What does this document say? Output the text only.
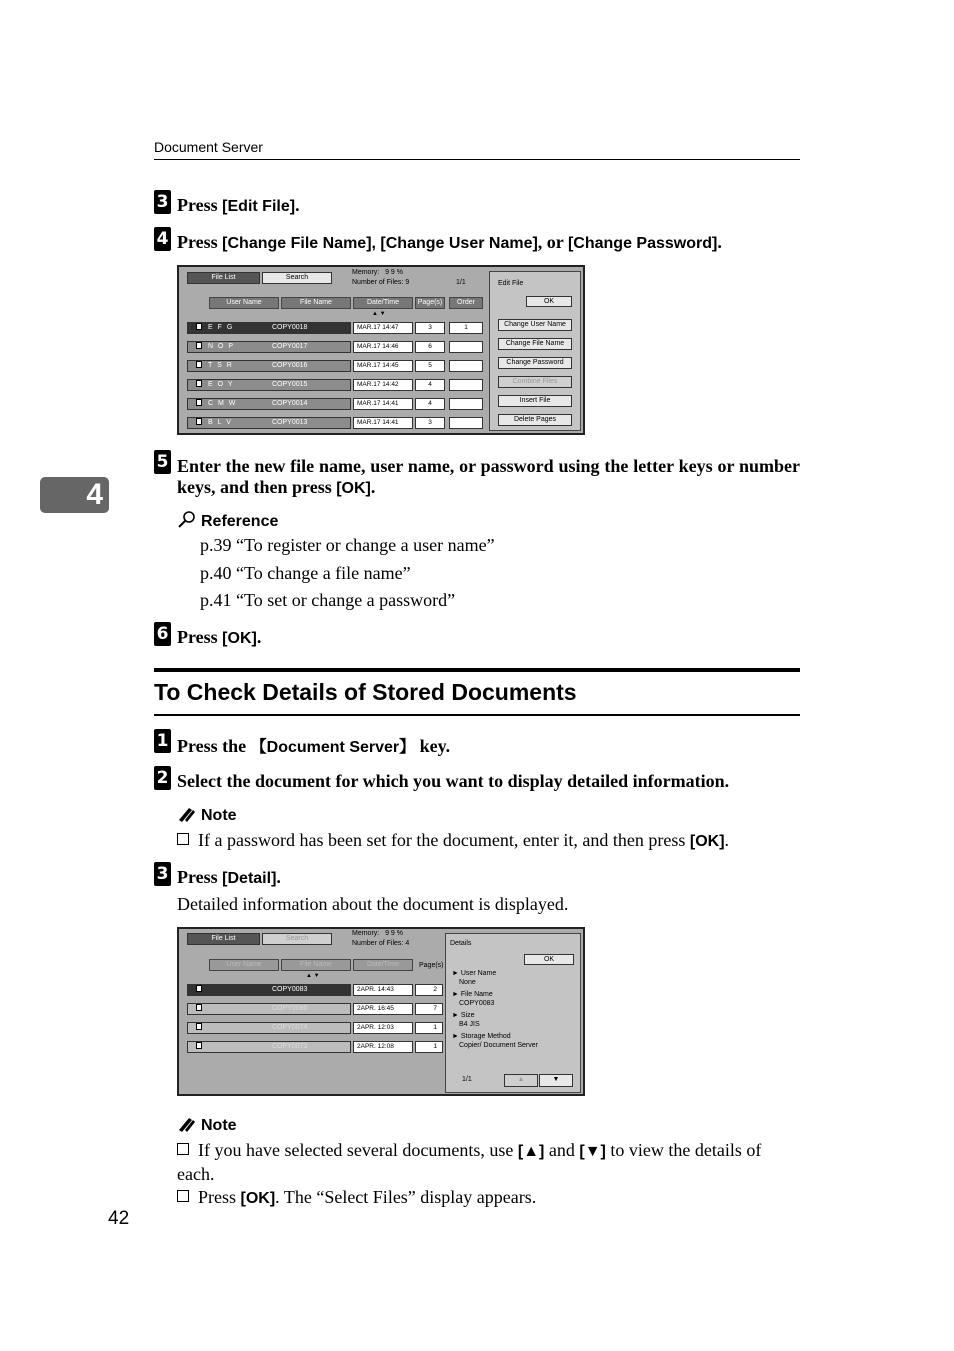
Document Server
4
3 Press [Edit File].
4 Press [Change File Name], [Change User Name], or [Change Password].
File List	Search
Memory: 9 9 %
Number of Files: 9	1/1
User Name	File Name	Date/Time	Page(s)	Order
▲ ▼
E F G	COPY0018	MAR.17 14:47	3	1
N O P	COPY0017	MAR.17 14:46	6
T S R	COPY0016	MAR.17 14:45	5
E O Y	COPY0015	MAR.17 14:42	4
C M W	COPY0014	MAR.17 14:41	4
B L V	COPY0013	MAR.17 14:41	3
Edit File
OK
Change User Name
Change File Name
Change Password
Combine Files
Insert File
Delete Pages
5 Enter the new file name, user name, or password using the letter keys or number keys, and then press [OK].
Reference
p.39 “To register or change a user name”
p.40 “To change a file name”
p.41 “To set or change a password”
6 Press [OK].
To Check Details of Stored Documents
1 Press the 【Document Server】 key.
2 Select the document for which you want to display detailed information.
Note
If a password has been set for the document, enter it, and then press [OK].
3 Press [Detail].
Detailed information about the document is displayed.
File List	Search
Memory: 9 9 %
Number of Files: 4
User Name	File Name	Date/Time	Page(s)
▲ ▼
COPY0083	2APR. 14:43	2
COPY0080	2APR. 16:45	7
COPY0074	2APR. 12:03	1
COPY0073	2APR. 12:08	1
Details
OK
► User Name
None
► File Name
COPY0083
► Size
B4 JIS
► Storage Method
Copier/ Document Server
1/1	▲	▼
Note
If you have selected several documents, use [▲] and [▼] to view the details of each.
Press [OK]. The “Select Files” display appears.
42
